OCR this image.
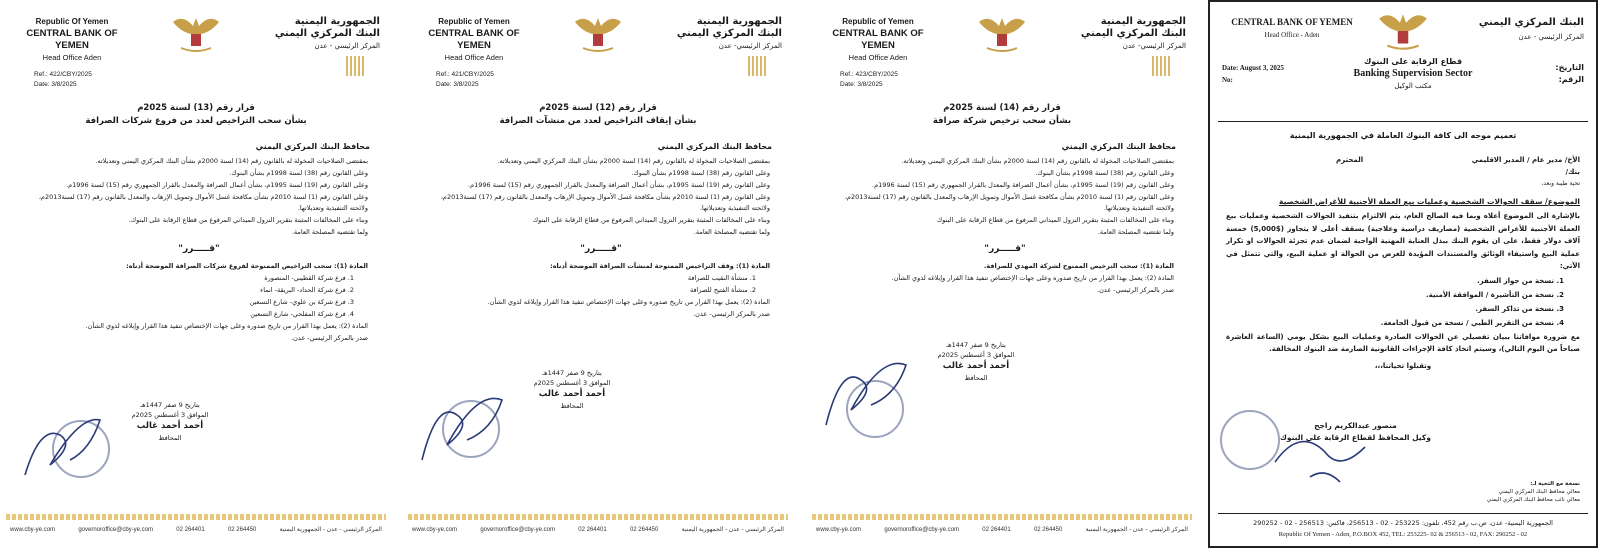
Republic Of Yemen
CENTRAL BANK OF YEMEN
Head Office Aden
الجمهورية اليمنية
البنك المركزي اليمني
المركز الرئيسي - عدن
Ref.: 422/CBY/2025
Date: 3/8/2025
قرار رقم (13) لسنة 2025م
بشأن سحب التراخيص لعدد من فروع شركات الصرافة
محافظ البنك المركزي اليمني

بمقتضى الصلاحيات المخولة له بالقانون رقم (14) لسنة 2000م بشأن البنك المركزي اليمني وتعديلاته.

وعلى القانون رقم (38) لسنة 1998م بشأن البنوك.

وعلى القانون رقم (19) لسنة 1995م، بشأن أعمال الصرافة والمعدل بالقرار الجمهوري رقم (15) لسنة 1996م.

وعلى القانون رقم (1) لسنة 2010م بشأن مكافحة غسل الأموال وتمويل الإرهاب والمعدل بالقانون رقم (17) لسنة2013م، ولائحته التنفيذية وتعديلاتها.

وبناء على المخالفات المثبتة بتقرير النزول الميداني المرفوع من قطاع الرقابة على البنوك.

ولما تقتضيه المصلحة العامة.

"قـــــرر"

المادة (1): سحب التراخيص الممنوحة لفروع شركات الصرافة الموضحة أدناه:

1. فرع شركة القطيبي- المنصورة

2. فرع شركة الحداد- البريقة- انماء

3. فرع شركة بن علوي- شارع التسعين

4. فرع شركة المفلحي- شارع التسعين

المادة (2): يعمل بهذا القرار من تاريخ صدوره وعلى جهات الإختصاص تنفيذ هذا القرار وإبلاغه لذوي الشأن.

صدر بالمركز الرئيسي- عدن.

بتاريخ 9 صفر 1447هـ
الموافق 3 أغسطس 2025م
أحمد أحمد غالب
المحافظ
www.cby-ye.com	governoroffice@cby-ye.com	02 264401	02 264450	المركز الرئيسي - عدن - الجمهورية اليمنية
Republic of Yemen
CENTRAL BANK OF YEMEN
Head Office Aden
الجمهورية اليمنية
البنك المركزي اليمني
المركز الرئيسي- عدن
Ref.: 421/CBY/2025
Date: 3/8/2025
قرار رقم (12) لسنة 2025م
بشأن إيقاف التراخيص لعدد من منشآت الصرافة
محافظ البنك المركزي اليمني

بمقتضى الصلاحيات المخولة له بالقانون رقم (14) لسنة 2000م بشأن البنك المركزي اليمني وتعديلاته.

وعلى القانون رقم (38) لسنة 1998م بشأن البنوك.

وعلى القانون رقم (19) لسنة 1995م، بشأن أعمال الصرافة والمعدل بالقرار الجمهوري رقم (15) لسنة 1996م.

وعلى القانون رقم (1) لسنة 2010م بشأن مكافحة غسل الأموال وتمويل الإرهاب والمعدل بالقانون رقم (17) لسنة2013م، ولائحته التنفيذية وتعديلاتها.

وبناء على المخالفات المثبتة بتقرير النزول الميداني المرفوع من قطاع الرقابة على البنوك

ولما تقتضيه المصلحة العامة.

"قـــــرر"

المادة (1): وقف التراخيص الممنوحة لمنشآت الصرافة الموضحة أدناه:

1. منشأة النقيب للصرافة

2. منشأة الفتيح للصرافة

المادة (2): يعمل بهذا القرار من تاريخ صدوره وعلى جهات الإختصاص تنفيذ هذا القرار وإبلاغه لذوي الشأن.

صدر بالمركز الرئيسي- عدن.

بتاريخ 9 صفر 1447هـ
الموافق 3 أغسطس 2025م
أحمد أحمد غالب
المحافظ
www.cby-ye.com	governoroffice@cby-ye.com	02 264401	02 264450	المركز الرئيسي - عدن - الجمهورية اليمنية
Republic of Yemen
CENTRAL BANK OF YEMEN
Head Office Aden
الجمهورية اليمنية
البنك المركزي اليمني
المركز الرئيسي- عدن
Ref.: 423/CBY/2025
Date: 3/8/2025
قرار رقم (14) لسنة 2025م
بشأن سحب ترخيص شركة صرافة
محافظ البنك المركزي اليمني

بمقتضى الصلاحيات المخولة له بالقانون رقم (14) لسنة 2000م بشأن البنك المركزي اليمني وتعديلاته.

وعلى القانون رقم (38) لسنة 1998م بشأن البنوك.

وعلى القانون رقم (19) لسنة 1995م، بشأن أعمال الصرافة والمعدل بالقرار الجمهوري رقم (15) لسنة 1996م.

وعلى القانون رقم (1) لسنة 2010م بشأن مكافحة غسل الأموال وتمويل الإرهاب والمعدل بالقانون رقم (17) لسنة2013م، ولائحته التنفيذية وتعديلاتها.

وبناء على المخالفات المثبتة بتقرير النزول الميداني المرفوع من قطاع الرقابة على البنوك

ولما تقتضيه المصلحة العامة.

"قـــــرر"

المادة (1): سحب الترخيص الممنوح لشركة المهدي للصرافة.

المادة (2): يعمل بهذا القرار من تاريخ صدوره وعلى جهات الإختصاص تنفيذ هذا القرار وإبلاغه لذوي الشأن.

صدر بالمركز الرئيسي- عدن.

بتاريخ 9 صفر 1447هـ
الموافق 3 أغسطس 2025م
أحمد أحمد غالب
المحافظ
www.cby-ye.com	governoroffice@cby-ye.com	02 264401	02 264450	المركز الرئيسي - عدن - الجمهورية اليمنية
CENTRAL BANK OF YEMEN
Head Office - Aden
البنك المركزي اليمني
المركز الرئيسي - عدن
قطاع الرقابة على البنوك
Banking Supervision Sector
مكتب الوكيل
Date: August 3, 2025
No:
التاريخ:
الرقم:
تعميم موجه الى كافة البنوك العاملة في الجمهورية اليمنية
الأخ/ مدير عام / المدير الاقليمي
المحترم
بنك/
تحية طيبة وبعد،
الموضوع/ سقف الحوالات الشخصية وعمليات بيع العملة الأجنبية للأغراض الشخصية
بالإشارة الى الموضوع أعلاه وبما فيه الصالح العام، يتم الالتزام بتنفيذ الحوالات الشخصية وعمليات بيع العملة الأجنبية للأغراض الشخصية (مصاريف دراسية وعلاجية) بسقف أعلى لا يتجاوز ($5,000) خمسة آلاف دولار فقط، على ان يقوم البنك ببذل العناية المهنية الواجبة لضمان عدم تجزئة الحوالات او تكرار عملية البيع واستيفاء الوثائق والمستندات المؤيدة للغرض من الحوالة او عملية البيع، والتي تتمثل في الآتي:
1. نسخة من جواز السفر.
2. نسخة من التأشيرة / الموافقة الأمنية.
3. نسخة من تذاكر السفر.
4. نسخة من التقرير الطبي / نسخة من قبول الجامعة.
مع ضرورة موافاتنا ببيان تفصيلي عن الحوالات الصادرة وعمليات البيع بشكل يومي (الساعة العاشرة صباحاً من اليوم التالي)، وسيتم اتخاذ كافة الإجراءات القانونية الصارمة ضد البنوك المخالفة.
وتقبلوا تحياتنا،،،
منصور عبدالكريم راجح
وكيل المحافظ لقطاع الرقابة على البنوك
نسخة مع التحية لـ:
معالي محافظ البنك المركزي اليمني
معالي نائب محافظ البنك المركزي اليمني
الجمهورية اليمنية- عدن، ص.ب رقم 452، تلفون: 253225 - 02 - 256513، فاكس: 256513 - 02 - 290252
Republic Of Yemen - Aden, P.O.BOX 452, TEL: 253225- 02 & 256513 - 02, FAX: 290252 - 02
